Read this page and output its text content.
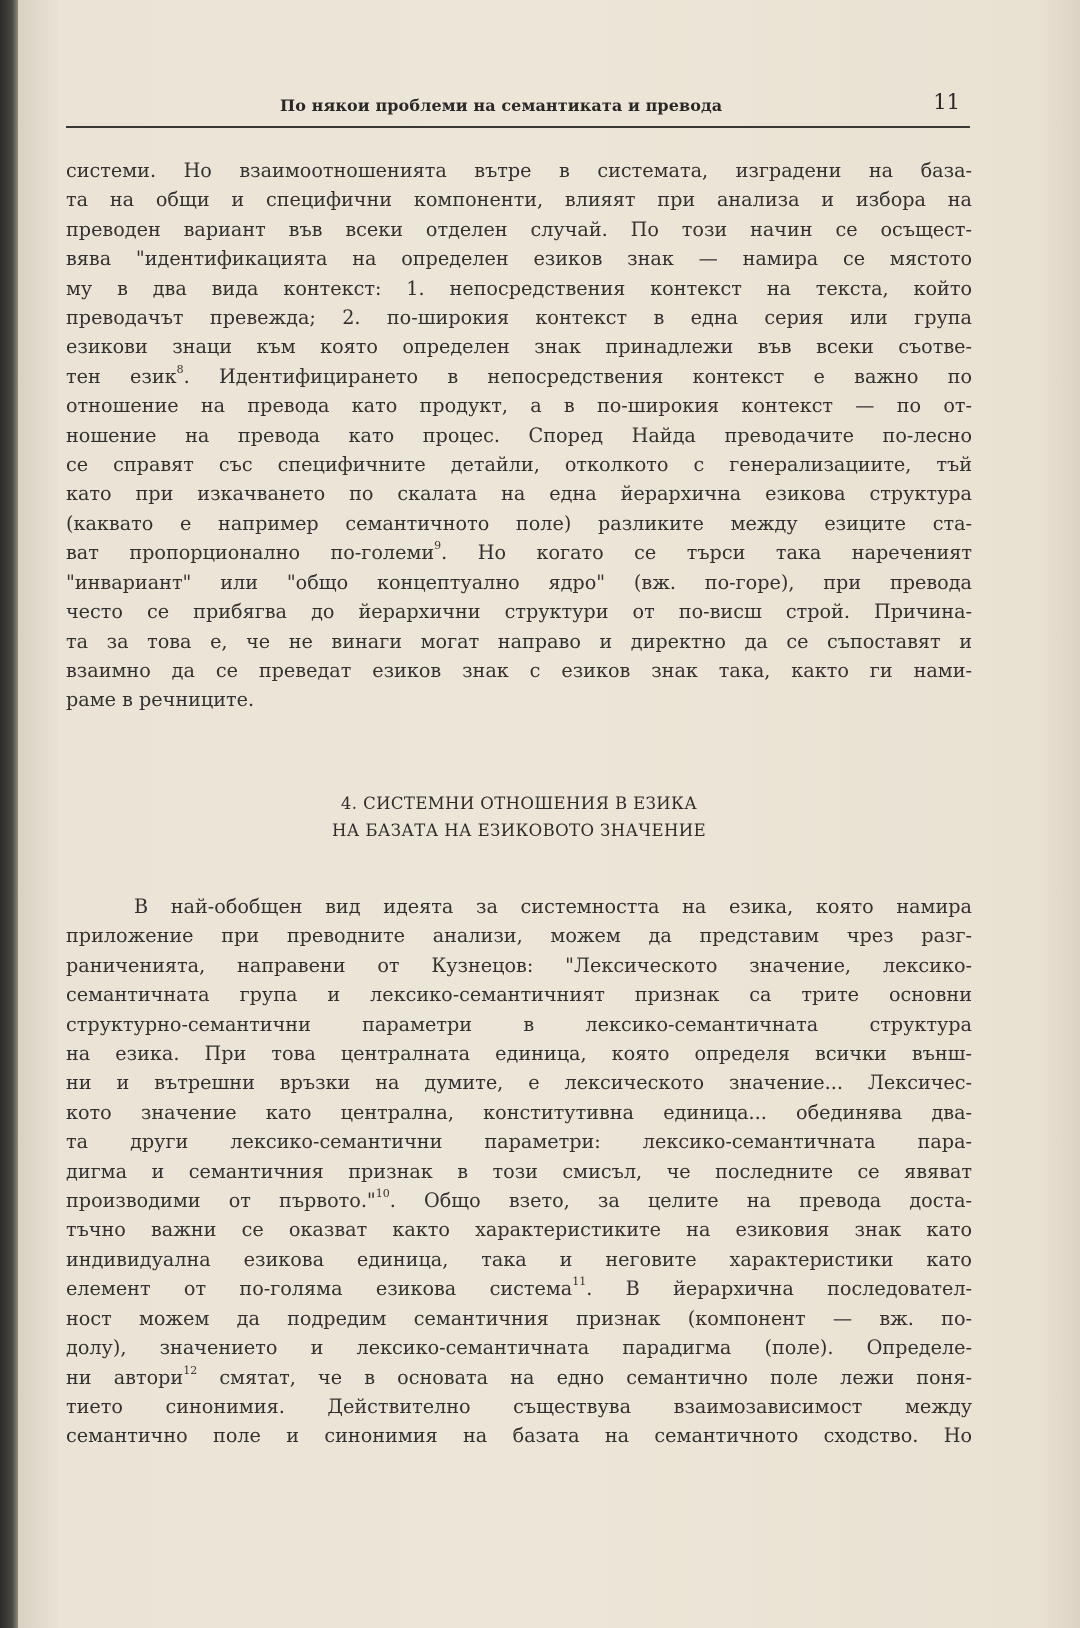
По някои проблеми на семантиката и превода	11
системи. Но взаимоотношенията вътре в системата, изградени на база-
та на общи и специфични компоненти, влияят при анализа и избора на
преводен вариант във всеки отделен случай. По този начин се осъщест-
вява "идентификацията на определен езиков знак — намира се мястото
му в два вида контекст: 1. непосредствения контекст на текста, който
преводачът превежда; 2. по-широкия контекст в една серия или група
езикови знаци към която определен знак принадлежи във всеки съотве-
тен език$^8$. Идентифицирането в непосредствения контекст е важно по
отношение на превода като продукт, а в по-широкия контекст — по от-
ношение на превода като процес. Според Найда преводачите по-лесно
се справят със специфичните детайли, отколкото с генерализациите, тъй
като при изкачването по скалата на една йерархична езикова структура
(каквато е например семантичното поле) разликите между езиците ста-
ват пропорционално по-големи$^9$. Но когато се търси така нареченият
"инвариант" или "общо концептуално ядро" (вж. по-горе), при превода
често се прибягва до йерархични структури от по-висш строй. Причина-
та за това е, че не винаги могат направо и директно да се съпоставят и
взаимно да се преведат езиков знак с езиков знак така, както ги нами-
раме в речниците.
4. СИСТЕМНИ ОТНОШЕНИЯ В ЕЗИКА
НА БАЗАТА НА ЕЗИКОВОТО ЗНАЧЕНИЕ
В най-обобщен вид идеята за системността на езика, която намира
приложение при преводните анализи, можем да представим чрез разг-
раниченията, направени от Кузнецов: "Лексическото значение, лексико-
семантичната група и лексико-семантичният признак са трите основни
структурно-семантични параметри в лексико-семантичната структура
на езика. При това централната единица, която определя всички външ-
ни и вътрешни връзки на думите, е лексическото значение... Лексичес-
кото значение като централна, конститутивна единица... обединява два-
та други лексико-семантични параметри: лексико-семантичната пара-
дигма и семантичния признак в този смисъл, че последните се явяват
производими от първото."$^{10}$. Общо взето, за целите на превода доста-
тъчно важни се оказват както характеристиките на езиковия знак като
индивидуална езикова единица, така и неговите характеристики като
елемент от по-голяма езикова система$^{11}$. В йерархична последовател-
ност можем да подредим семантичния признак (компонент — вж. по-
долу), значението и лексико-семантичната парадигма (поле). Определе-
ни автори$^{12}$ смятат, че в основата на едно семантично поле лежи поня-
тието синонимия. Действително съществува взаимозависимост между
семантично поле и синонимия на базата на семантичното сходство. Но
